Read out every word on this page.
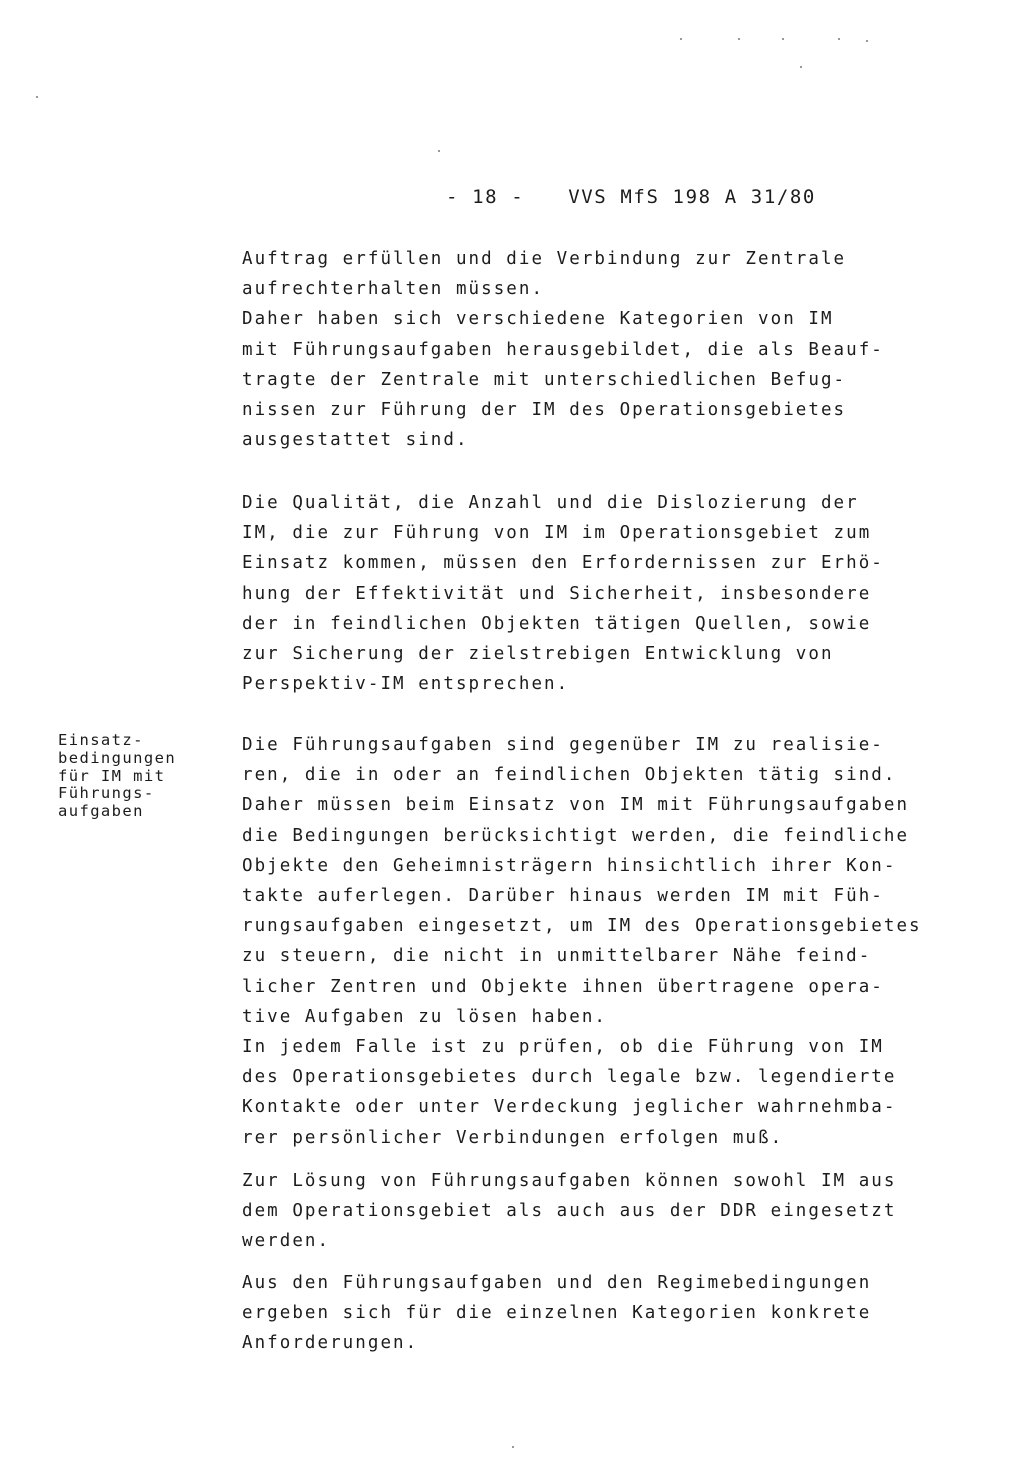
- 18 - VVS MfS 198 A 31/80
Einsatz-
bedingungen
für IM mit
Führungs-
aufgaben
Auftrag erfüllen und die Verbindung zur Zentrale
aufrechterhalten müssen.
Daher haben sich verschiedene Kategorien von IM
mit Führungsaufgaben herausgebildet, die als Beauf-
tragte der Zentrale mit unterschiedlichen Befug-
nissen zur Führung der IM des Operationsgebietes
ausgestattet sind.
Die Qualität, die Anzahl und die Dislozierung der
IM, die zur Führung von IM im Operationsgebiet zum
Einsatz kommen, müssen den Erfordernissen zur Erhö-
hung der Effektivität und Sicherheit, insbesondere
der in feindlichen Objekten tätigen Quellen, sowie
zur Sicherung der zielstrebigen Entwicklung von
Perspektiv-IM entsprechen.
Die Führungsaufgaben sind gegenüber IM zu realisie-
ren, die in oder an feindlichen Objekten tätig sind.
Daher müssen beim Einsatz von IM mit Führungsaufgaben
die Bedingungen berücksichtigt werden, die feindliche
Objekte den Geheimnisträgern hinsichtlich ihrer Kon-
takte auferlegen. Darüber hinaus werden IM mit Füh-
rungsaufgaben eingesetzt, um IM des Operationsgebietes
zu steuern, die nicht in unmittelbarer Nähe feind-
licher Zentren und Objekte ihnen übertragene opera-
tive Aufgaben zu lösen haben.
In jedem Falle ist zu prüfen, ob die Führung von IM
des Operationsgebietes durch legale bzw. legendierte
Kontakte oder unter Verdeckung jeglicher wahrnehmba-
rer persönlicher Verbindungen erfolgen muß.
Zur Lösung von Führungsaufgaben können sowohl IM aus
dem Operationsgebiet als auch aus der DDR eingesetzt
werden.
Aus den Führungsaufgaben und den Regimebedingungen
ergeben sich für die einzelnen Kategorien konkrete
Anforderungen.
